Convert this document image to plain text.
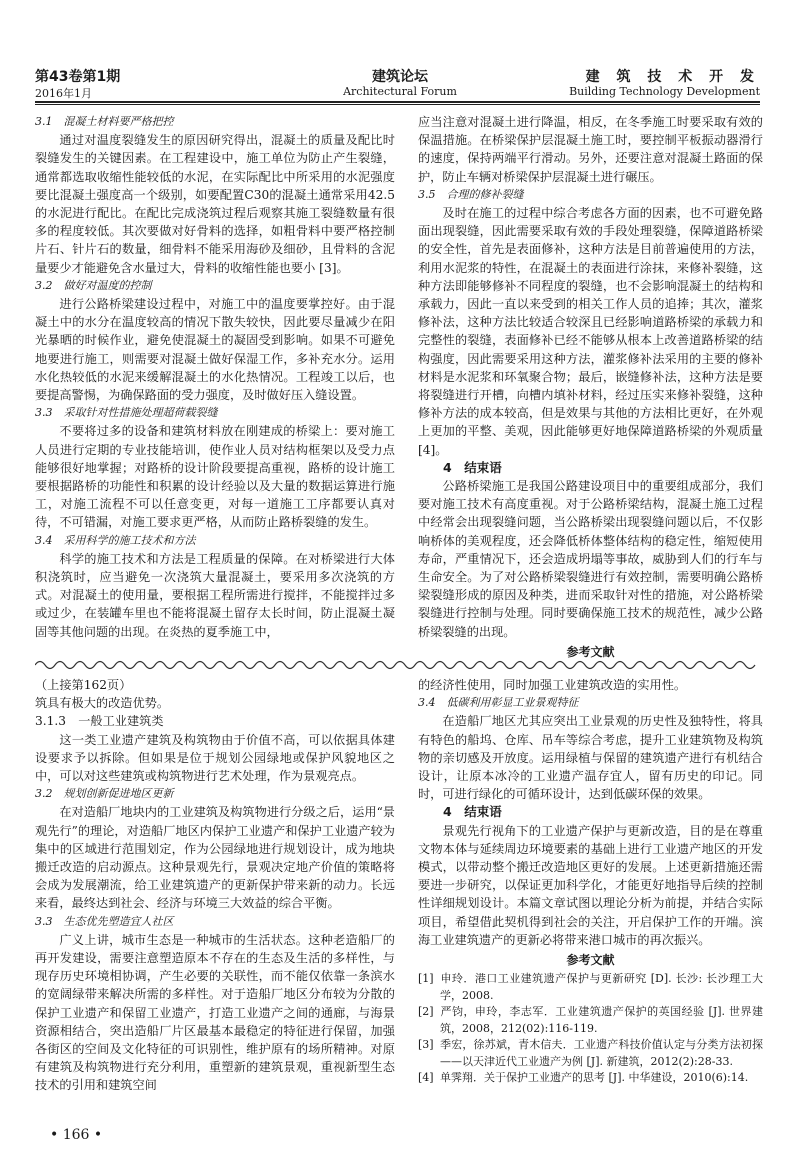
第43卷第1期
2016年1月
建筑论坛
Architectural Forum
建 筑 技 术 开 发
Building Technology Development

3.1　混凝土材料要严格把控

通过对温度裂缝发生的原因研究得出，混凝土的质量及配比时裂缝发生的关键因素。在工程建设中，施工单位为防止产生裂缝，通常都选取收缩性能较低的水泥，在实际配比中所采用的水泥强度要比混凝土强度高一个级别，如要配置C30的混凝土通常采用42.5的水泥进行配比。在配比完成浇筑过程后观察其施工裂缝数量有很多的程度较低。其次要做对好骨料的选择，如粗骨料中要严格控制片石、针片石的数量，细骨料不能采用海砂及细砂，且骨料的含泥量要少才能避免含水量过大，骨料的收缩性能也要小 [3]。

3.2　做好对温度的控制

进行公路桥梁建设过程中，对施工中的温度要掌控好。由于混凝土中的水分在温度较高的情况下散失较快，因此要尽量减少在阳光暴晒的时候作业，避免使混凝土的凝固受到影响。如果不可避免地要进行施工，则需要对混凝土做好保湿工作，多补充水分。运用水化热较低的水泥来缓解混凝土的水化热情况。工程竣工以后，也要提高警惕，为确保路面的受力强度，及时做好压入缝设置。

3.3　采取针对性措施处理超荷载裂缝

不要将过多的设备和建筑材料放在刚建成的桥梁上：要对施工人员进行定期的专业技能培训，使作业人员对结构框架以及受力点能够很好地掌握；对路桥的设计阶段要提高重视，路桥的设计施工要根据路桥的功能性和积累的设计经验以及大量的数据运算进行施工，对施工流程不可以任意变更，对每一道施工工序都要认真对待，不可错漏，对施工要求更严格，从而防止路桥裂缝的发生。

3.4　采用科学的施工技术和方法

科学的施工技术和方法是工程质量的保障。在对桥梁进行大体积浇筑时，应当避免一次浇筑大量混凝土，要采用多次浇筑的方式。对混凝土的使用量，要根据工程所需进行搅拌，不能搅拌过多或过少，在装罐车里也不能将混凝土留存太长时间，防止混凝土凝固等其他问题的出现。在炎热的夏季施工中，

应当注意对混凝土进行降温，相反，在冬季施工时要采取有效的保温措施。在桥梁保护层混凝土施工时，要控制平板振动器滑行的速度，保持两端平行滑动。另外，还要注意对混凝土路面的保护，防止车辆对桥梁保护层混凝土进行碾压。

3.5　合理的修补裂缝

及时在施工的过程中综合考虑各方面的因素，也不可避免路面出现裂缝，因此需要采取有效的手段处理裂缝，保障道路桥梁的安全性，首先是表面修补，这种方法是目前普遍使用的方法，利用水泥浆的特性，在混凝土的表面进行涂抹，来修补裂缝，这种方法即能够修补不同程度的裂缝，也不会影响混凝土的结构和承载力，因此一直以来受到的相关工作人员的追捧；其次，灌浆修补法，这种方法比较适合较深且已经影响道路桥梁的承载力和完整性的裂缝，表面修补已经不能够从根本上改善道路桥梁的结构强度，因此需要采用这种方法，灌浆修补法采用的主要的修补材料是水泥浆和环氧聚合物；最后，嵌缝修补法，这种方法是要将裂缝进行开槽，向槽内填补材料，经过压实来修补裂缝，这种修补方法的成本较高，但是效果与其他的方法相比更好，在外观上更加的平整、美观，因此能够更好地保障道路桥梁的外观质量 [4]。

4　结束语

公路桥梁施工是我国公路建设项目中的重要组成部分，我们要对施工技术有高度重视。对于公路桥梁结构，混凝土施工过程中经常会出现裂缝问题，当公路桥梁出现裂缝问题以后，不仅影响桥体的美观程度，还会降低桥体整体结构的稳定性，缩短使用寿命，严重情况下，还会造成坍塌等事故，威胁到人们的行车与生命安全。为了对公路桥梁裂缝进行有效控制，需要明确公路桥梁裂缝形成的原因及种类，进而采取针对性的措施，对公路桥梁裂缝进行控制与处理。同时要确保施工技术的规范性，减少公路桥梁裂缝的出现。

参考文献

（上接第162页）

筑具有极大的改造优势。

3.1.3　一般工业建筑类

这一类工业遗产建筑及构筑物由于价值不高，可以依据具体建设要求予以拆除。但如果是位于规划公园绿地或保护风貌地区之中，可以对这些建筑或构筑物进行艺术处理，作为景观亮点。

3.2　规划创新促进地区更新

在对造船厂地块内的工业建筑及构筑物进行分级之后，运用“景观先行”的理论，对造船厂地区内保护工业遗产和保护工业遗产较为集中的区域进行范围划定，作为公园绿地进行规划设计，成为地块搬迁改造的启动源点。这种景观先行，景观决定地产价值的策略将会成为发展潮流，给工业建筑遗产的更新保护带来新的动力。长远来看，最终达到社会、经济与环境三大效益的综合平衡。

3.3　生态优先塑造宜人社区

广义上讲，城市生态是一种城市的生活状态。这种老造船厂的再开发建设，需要注意塑造原本不存在的生态及生活的多样性，与现存历史环境相协调，产生必要的关联性，而不能仅依靠一条滨水的宽阔绿带来解决所需的多样性。对于造船厂地区分布较为分散的保护工业遗产和保留工业遗产，打造工业遗产之间的通廊，与海景资源相结合，突出造船厂片区最基本最稳定的特征进行保留，加强各街区的空间及文化特征的可识别性，维护原有的场所精神。对原有建筑及构筑物进行充分利用，重塑新的建筑景观，重视新型生态技术的引用和建筑空间

的经济性使用，同时加强工业建筑改造的实用性。

3.4　低碳利用彰显工业景观特征

在造船厂地区尤其应突出工业景观的历史性及独特性，将具有特色的船坞、仓库、吊车等综合考虑，提升工业建筑物及构筑物的亲切感及开放度。运用绿植与保留的建筑遗产进行有机结合设计，让原本冰冷的工业遗产温存宜人，留有历史的印记。同时，可进行绿化的可循环设计，达到低碳环保的效果。

4　结束语

景观先行视角下的工业遗产保护与更新改造，目的是在尊重文物本体与延续周边环境要素的基础上进行工业遗产地区的开发模式，以带动整个搬迁改造地区更好的发展。上述更新措施还需要进一步研究，以保证更加科学化，才能更好地指导后续的控制性详细规划设计。本篇文章试图以理论分析为前提，并结合实际项目，希望借此契机得到社会的关注，开启保护工作的开端。滨海工业建筑遗产的更新必将带来港口城市的再次振兴。

参考文献
[1] 申玲．港口工业建筑遗产保护与更新研究 [D]. 长沙: 长沙理工大学，2008.
[2] 严钧，申玲，李志军．工业建筑遗产保护的英国经验 [J]. 世界建筑，2008，212(02):116-119.
[3] 季宏，徐苏斌，青木信夫．工业遗产科技价值认定与分类方法初探——以天津近代工业遗产为例 [J]. 新建筑，2012(2):28-33.
[4] 单霁翔．关于保护工业遗产的思考 [J]. 中华建设，2010(6):14.
• 166 •
